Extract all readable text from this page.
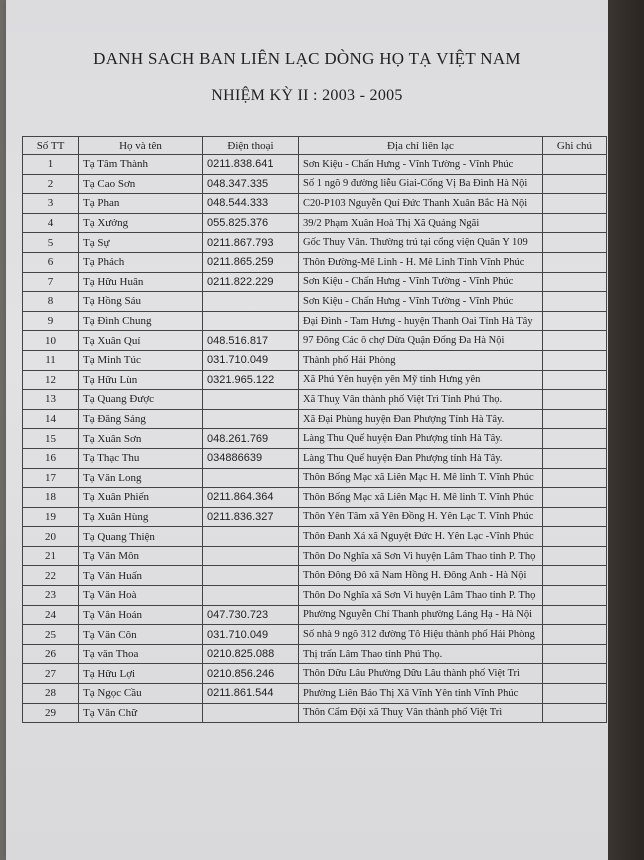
DANH SACH BAN LIÊN LẠC DÒNG HỌ TẠ VIỆT NAM
NHIỆM KỲ II : 2003 - 2005
Số TT	Họ và tên	Điện thoại	Địa chỉ liên lạc	Ghi chú
1	Tạ Tâm Thành	0211.838.641	Sơn Kiệu - Chấn Hưng - Vĩnh Tường - Vĩnh Phúc	
2	Tạ Cao Sơn	048.347.335	Số 1 ngõ 9 đường liễu Giai-Cống Vị Ba Đình Hà Nội	
3	Tạ Phan	048.544.333	C20-P103 Nguyễn Quí Đức Thanh Xuân Bắc Hà Nội	
4	Tạ Xưởng	055.825.376	39/2 Phạm Xuân Hoà Thị Xã Quảng Ngãi	
5	Tạ Sự	0211.867.793	Gốc Thuy Vân. Thường trú tại cổng viện Quân Y 109	
6	Tạ Phách	0211.865.259	Thôn Đường-Mê Linh - H. Mê Linh Tỉnh Vĩnh Phúc	
7	Tạ Hữu Huân	0211.822.229	Sơn Kiệu - Chấn Hưng - Vĩnh Tường - Vĩnh Phúc	
8	Tạ Hồng Sáu		Sơn Kiệu - Chấn Hưng - Vĩnh Tường - Vĩnh Phúc	
9	Tạ Đình Chung		Đại Đình - Tam Hưng - huyện Thanh Oai Tỉnh Hà Tây	
10	Tạ Xuân Quí	048.516.817	97 Đông Các ô chợ Dừa Quận Đống Đa Hà Nội	
11	Tạ Minh Túc	031.710.049	Thành phố Hải Phòng	
12	Tạ Hữu Lùn	0321.965.122	Xã Phú Yên huyện yên Mỹ tỉnh Hưng yên	
13	Tạ Quang Được		Xã Thuỵ Vân thành phố Việt Trì Tỉnh Phú Thọ.	
14	Tạ Đăng Sáng		Xã Đại Phùng huyện Đan Phượng Tỉnh Hà Tây.	
15	Tạ Xuân Sơn	048.261.769	Làng Thu Quế huyện Đan Phượng tỉnh Hà Tây.	
16	Tạ Thạc Thu	034886639	Làng Thu Quế huyện Đan Phượng tỉnh Hà Tây.	
17	Tạ Văn Long		Thôn Bống Mạc xã Liên Mạc H. Mê linh T. Vĩnh Phúc	
18	Tạ Xuân Phiến	0211.864.364	Thôn Bống Mạc xã Liên Mạc H. Mê linh T. Vĩnh Phúc	
19	Tạ Xuân Hùng	0211.836.327	Thôn Yên Tâm xã Yên Đồng H. Yên Lạc T. Vĩnh Phúc	
20	Tạ Quang Thiện		Thôn Đanh Xá xã Nguyệt Đức H. Yên Lạc -Vĩnh Phúc	
21	Tạ Văn Môn		Thôn Do Nghĩa xã Sơn Vi huyện Lâm Thao tỉnh P. Thọ	
22	Tạ Văn Huấn		Thôn Đông Đô xã Nam Hồng H. Đông Anh - Hà Nội	
23	Tạ Văn Hoà		Thôn Do Nghĩa xã Sơn Vi huyện Lâm Thao tỉnh P. Thọ	
24	Tạ Văn Hoán	047.730.723	Phường Nguyễn Chí Thanh phường Láng Hạ - Hà Nội	
25	Tạ Văn Côn	031.710.049	Số nhà 9 ngõ 312 đường Tô Hiệu thành phố Hải Phòng	
26	Tạ văn Thoa	0210.825.088	Thị trấn Lâm Thao tỉnh Phú Thọ.	
27	Tạ Hữu Lợi	0210.856.246	Thôn Dữu Lâu Phường Dữu Lâu thành phố Việt Trì	
28	Tạ Ngọc Cầu	0211.861.544	Phường Liên Bảo Thị Xã Vĩnh Yên tỉnh Vĩnh Phúc	
29	Tạ Văn Chữ		Thôn Cẩm Đội xã Thuỵ Vân thành phố Việt Trì	
